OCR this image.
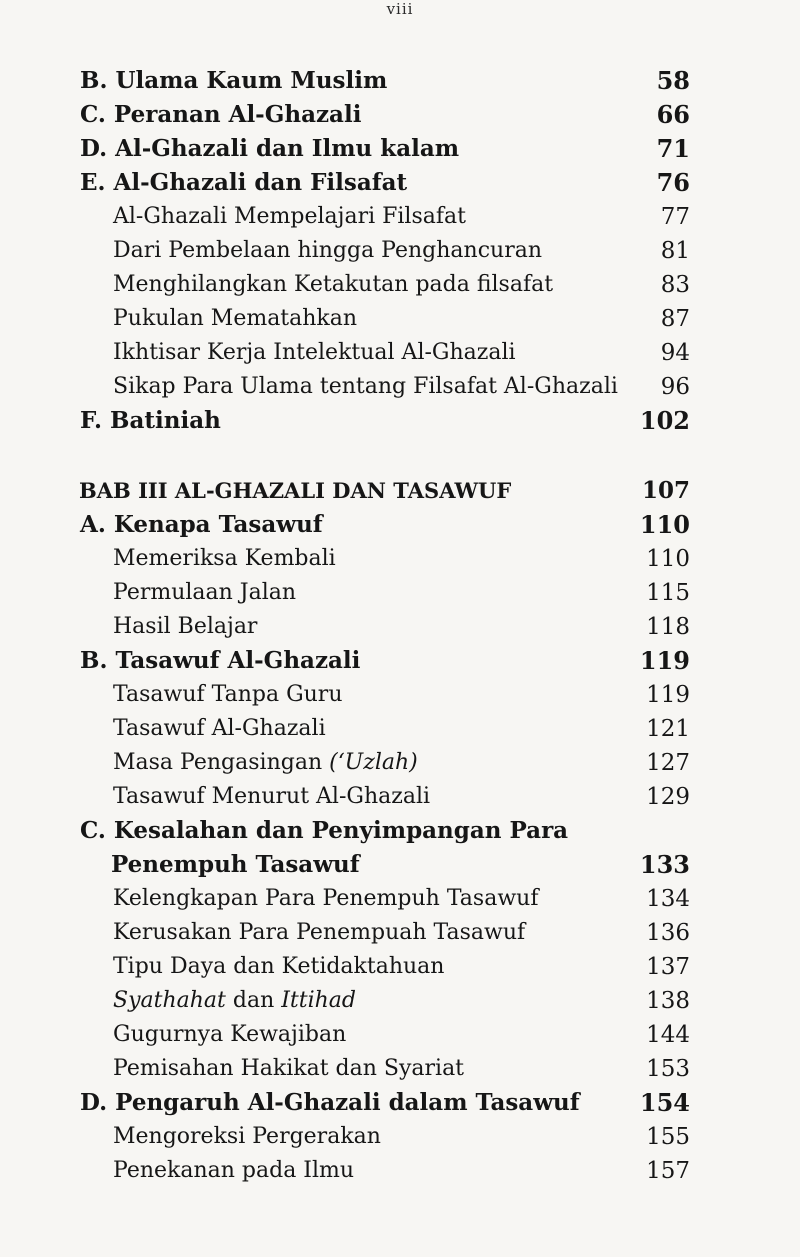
viii
B. Ulama Kaum Muslim	58
C. Peranan Al-Ghazali	66
D. Al-Ghazali dan Ilmu kalam	71
E. Al-Ghazali dan Filsafat	76
Al-Ghazali Mempelajari Filsafat	77
Dari Pembelaan hingga Penghancuran	81
Menghilangkan Ketakutan pada filsafat	83
Pukulan Mematahkan	87
Ikhtisar Kerja Intelektual Al-Ghazali	94
Sikap Para Ulama tentang Filsafat Al-Ghazali 96
F. Batiniah	102
BAB III AL-GHAZALI DAN TASAWUF	107
A. Kenapa Tasawuf	110
Memeriksa Kembali	110
Permulaan Jalan	115
Hasil Belajar	118
B. Tasawuf Al-Ghazali	119
Tasawuf Tanpa Guru	119
Tasawuf Al-Ghazali	121
Masa Pengasingan (‘Uzlah)	127
Tasawuf Menurut Al-Ghazali	129
C. Kesalahan dan Penyimpangan Para
Penempuh Tasawuf	133
Kelengkapan Para Penempuh Tasawuf	134
Kerusakan Para Penempuah Tasawuf	136
Tipu Daya dan Ketidaktahuan	137
Syathahat dan Ittihad	138
Gugurnya Kewajiban	144
Pemisahan Hakikat dan Syariat	153
D. Pengaruh Al-Ghazali dalam Tasawuf	154
Mengoreksi Pergerakan	155
Penekanan pada Ilmu	157
